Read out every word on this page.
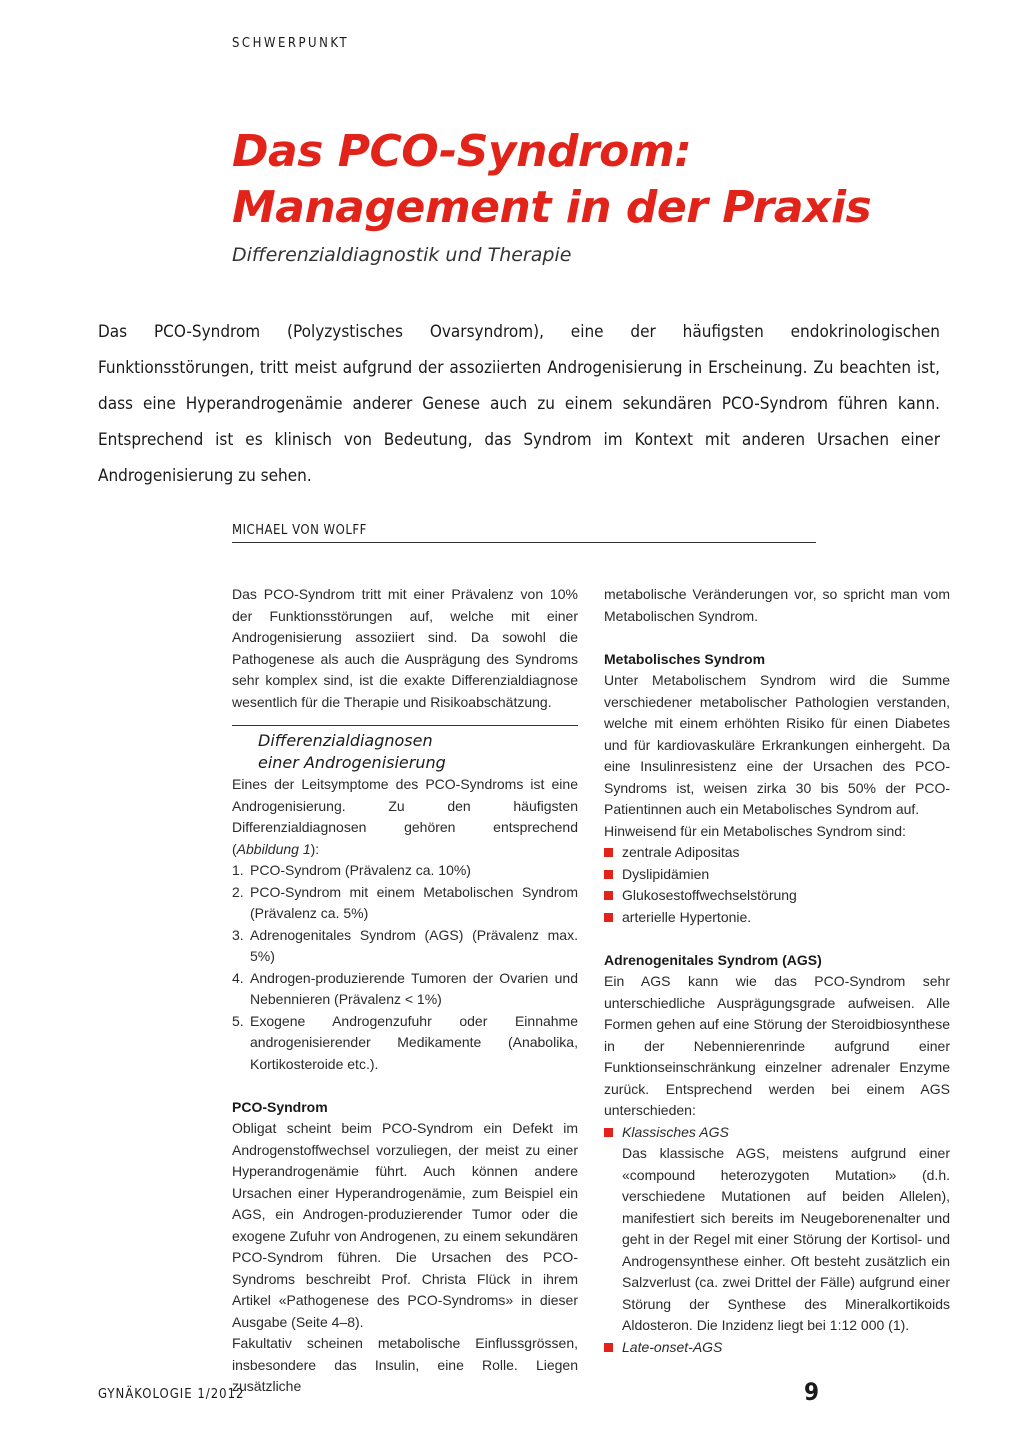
SCHWERPUNKT
Das PCO-Syndrom:
Management in der Praxis
Differenzialdiagnostik und Therapie

Das PCO-Syndrom (Polyzystisches Ovarsyndrom), eine der häufigsten endokrinologischen Funktionsstörungen, tritt meist aufgrund der assoziierten Androgenisierung in Erscheinung. Zu beachten ist, dass eine Hyperandrogenämie anderer Genese auch zu einem sekundären PCO-Syndrom führen kann. Entsprechend ist es klinisch von Bedeutung, das Syndrom im Kontext mit anderen Ursachen einer Androgenisierung zu sehen.

MICHAEL VON WOLFF

Das PCO-Syndrom tritt mit einer Prävalenz von 10% der Funktionsstörungen auf, welche mit einer Androgenisierung assoziiert sind. Da sowohl die Pathogenese als auch die Ausprägung des Syndroms sehr komplex sind, ist die exakte Differenzialdiagnose wesentlich für die Therapie und Risikoabschätzung.

Differenzialdiagnosen
einer Androgenisierung

Eines der Leitsymptome des PCO-Syndroms ist eine Androgenisierung. Zu den häufigsten Differenzialdiagnosen gehören entsprechend (Abbildung 1):

1. PCO-Syndrom (Prävalenz ca. 10%)
2. PCO-Syndrom mit einem Metabolischen Syndrom (Prävalenz ca. 5%)
3. Adrenogenitales Syndrom (AGS) (Prävalenz max. 5%)
4. Androgen-produzierende Tumoren der Ovarien und Nebennieren (Prävalenz < 1%)
5. Exogene Androgenzufuhr oder Einnahme androgenisierender Medikamente (Anabolika, Kortikosteroide etc.).

PCO-Syndrom

Obligat scheint beim PCO-Syndrom ein Defekt im Androgenstoffwechsel vorzuliegen, der meist zu einer Hyperandrogenämie führt. Auch können andere Ursachen einer Hyperandrogenämie, zum Beispiel ein AGS, ein Androgen-produzierender Tumor oder die exogene Zufuhr von Androgenen, zu einem sekundären PCO-Syndrom führen. Die Ursachen des PCO-Syndroms beschreibt Prof. Christa Flück in ihrem Artikel «Pathogenese des PCO-Syndroms» in dieser Ausgabe (Seite 4–8).

Fakultativ scheinen metabolische Einflussgrössen, insbesondere das Insulin, eine Rolle. Liegen zusätzliche

metabolische Veränderungen vor, so spricht man vom Metabolischen Syndrom.

Metabolisches Syndrom

Unter Metabolischem Syndrom wird die Summe verschiedener metabolischer Pathologien verstanden, welche mit einem erhöhten Risiko für einen Diabetes und für kardiovaskuläre Erkrankungen einhergeht. Da eine Insulinresistenz eine der Ursachen des PCO-Syndroms ist, weisen zirka 30 bis 50% der PCO-Patientinnen auch ein Metabolisches Syndrom auf.

Hinweisend für ein Metabolisches Syndrom sind:

zentrale Adipositas
Dyslipidämien
Glukosestoffwechselstörung
arterielle Hypertonie.

Adrenogenitales Syndrom (AGS)

Ein AGS kann wie das PCO-Syndrom sehr unterschiedliche Ausprägungsgrade aufweisen. Alle Formen gehen auf eine Störung der Steroidbiosynthese in der Nebennierenrinde aufgrund einer Funktionseinschränkung einzelner adrenaler Enzyme zurück. Entsprechend werden bei einem AGS unterschieden:

Klassisches AGS
Das klassische AGS, meistens aufgrund einer «compound heterozygoten Mutation» (d.h. verschiedene Mutationen auf beiden Allelen), manifestiert sich bereits im Neugeborenenalter und geht in der Regel mit einer Störung der Kortisol- und Androgensynthese einher. Oft besteht zusätzlich ein Salzverlust (ca. zwei Drittel der Fälle) aufgrund einer Störung der Synthese des Mineralkortikoids Aldosteron. Die Inzidenz liegt bei 1:12 000 (1).
Late-onset-AGS
GYNÄKOLOGIE 1/2012	9
